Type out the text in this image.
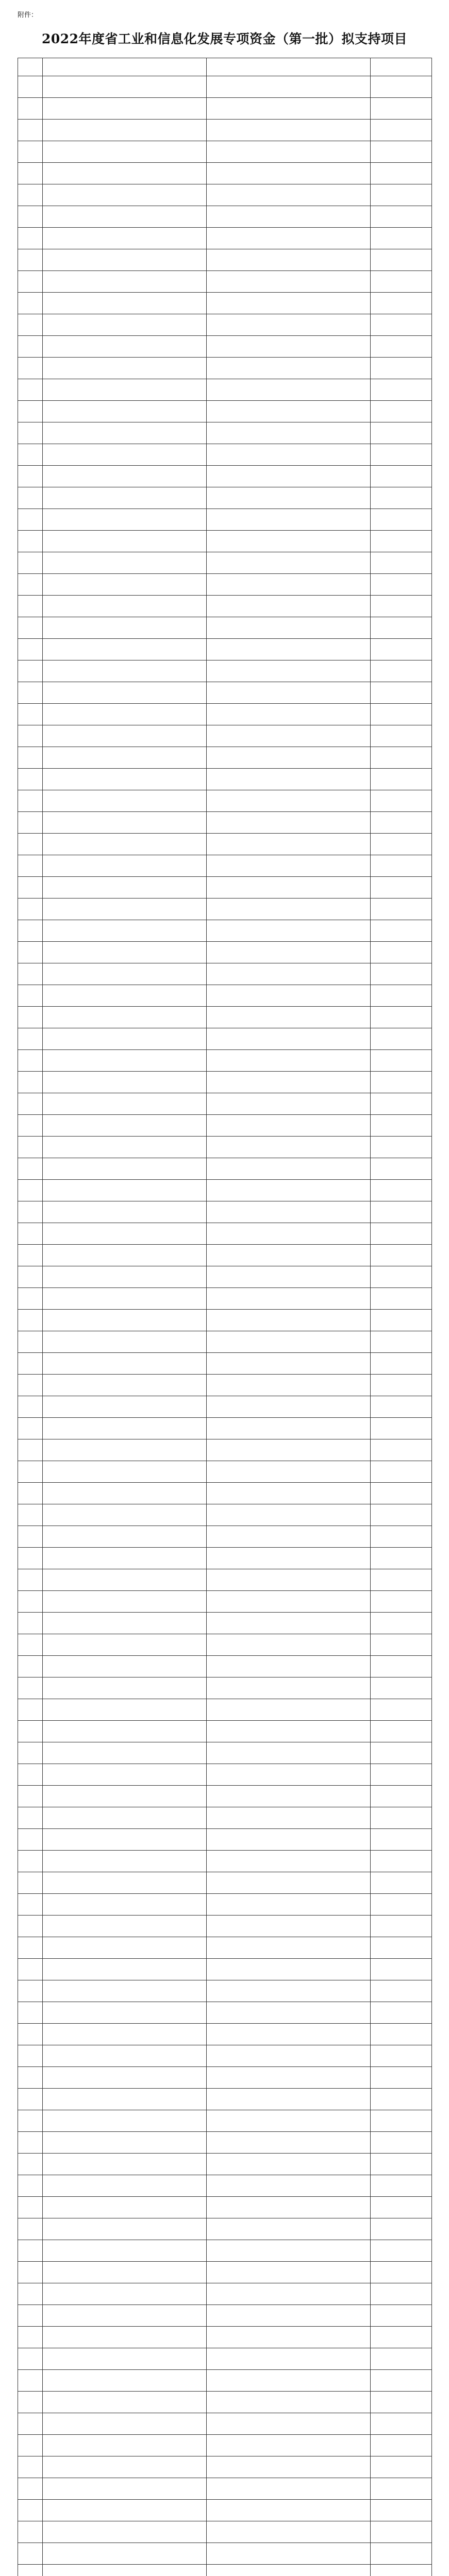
附件：
2022年度省工业和信息化发展专项资金（第一批）拟支持项目
